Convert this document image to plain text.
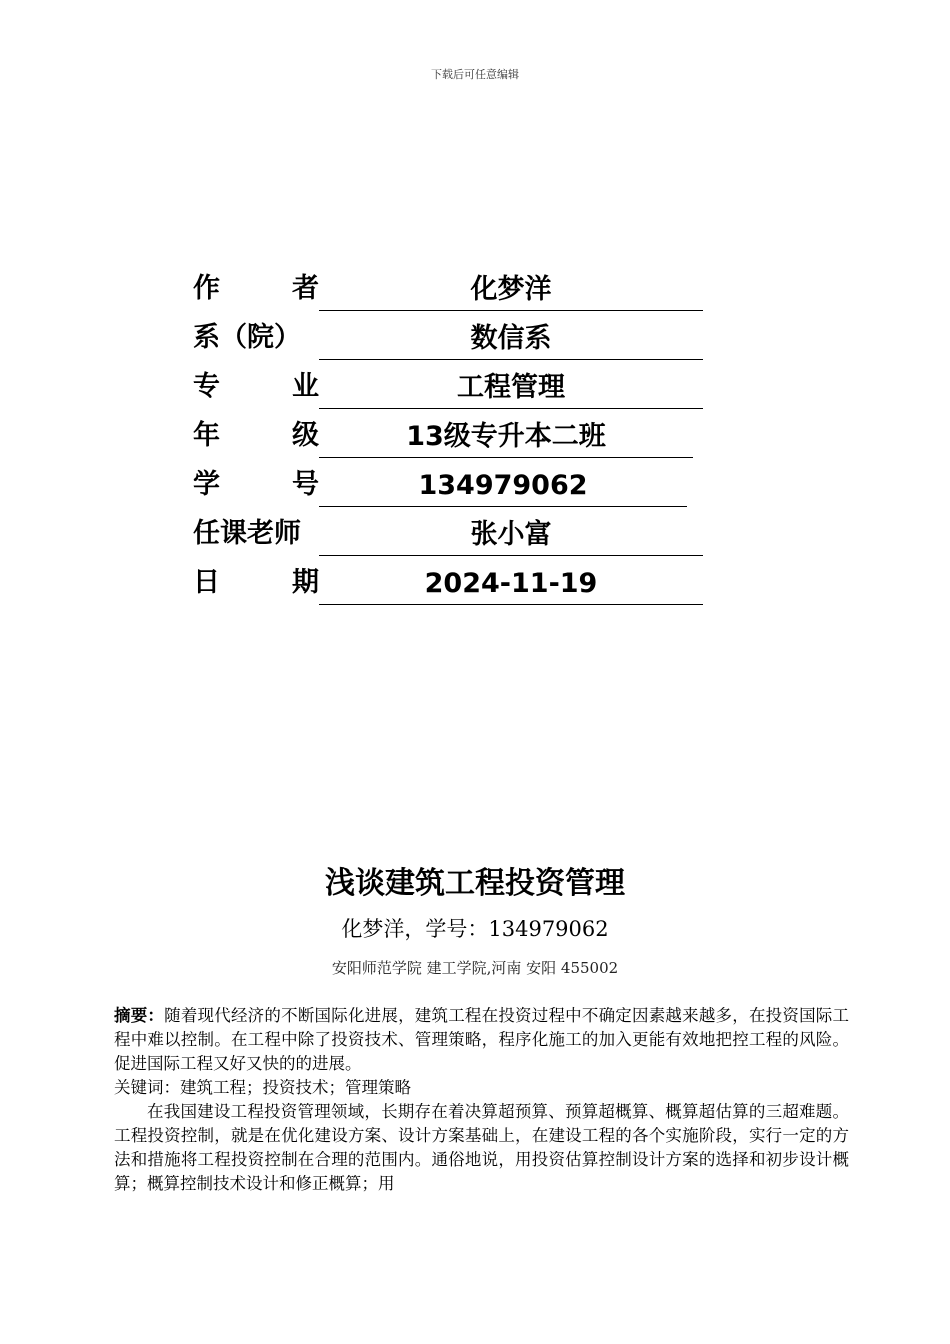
下载后可任意编辑
作	者	化梦洋
系（院）	数信系
专	业	工程管理
年	级	13级专升本二班
学	号	134979062
任课老师	张小富
日	期	2024-11-19
浅谈建筑工程投资管理
化梦洋，学号：134979062
安阳师范学院 建工学院,河南 安阳 455002

摘要：随着现代经济的不断国际化进展，建筑工程在投资过程中不确定因素越来越多，在投资国际工程中难以控制。在工程中除了投资技术、管理策略，程序化施工的加入更能有效地把控工程的风险。促进国际工程又好又快的的进展。

关键词：建筑工程；投资技术；管理策略

在我国建设工程投资管理领域，长期存在着决算超预算、预算超概算、概算超估算的三超难题。工程投资控制，就是在优化建设方案、设计方案基础上，在建设工程的各个实施阶段，实行一定的方法和措施将工程投资控制在合理的范围内。通俗地说，用投资估算控制设计方案的选择和初步设计概算；概算控制技术设计和修正概算；用
